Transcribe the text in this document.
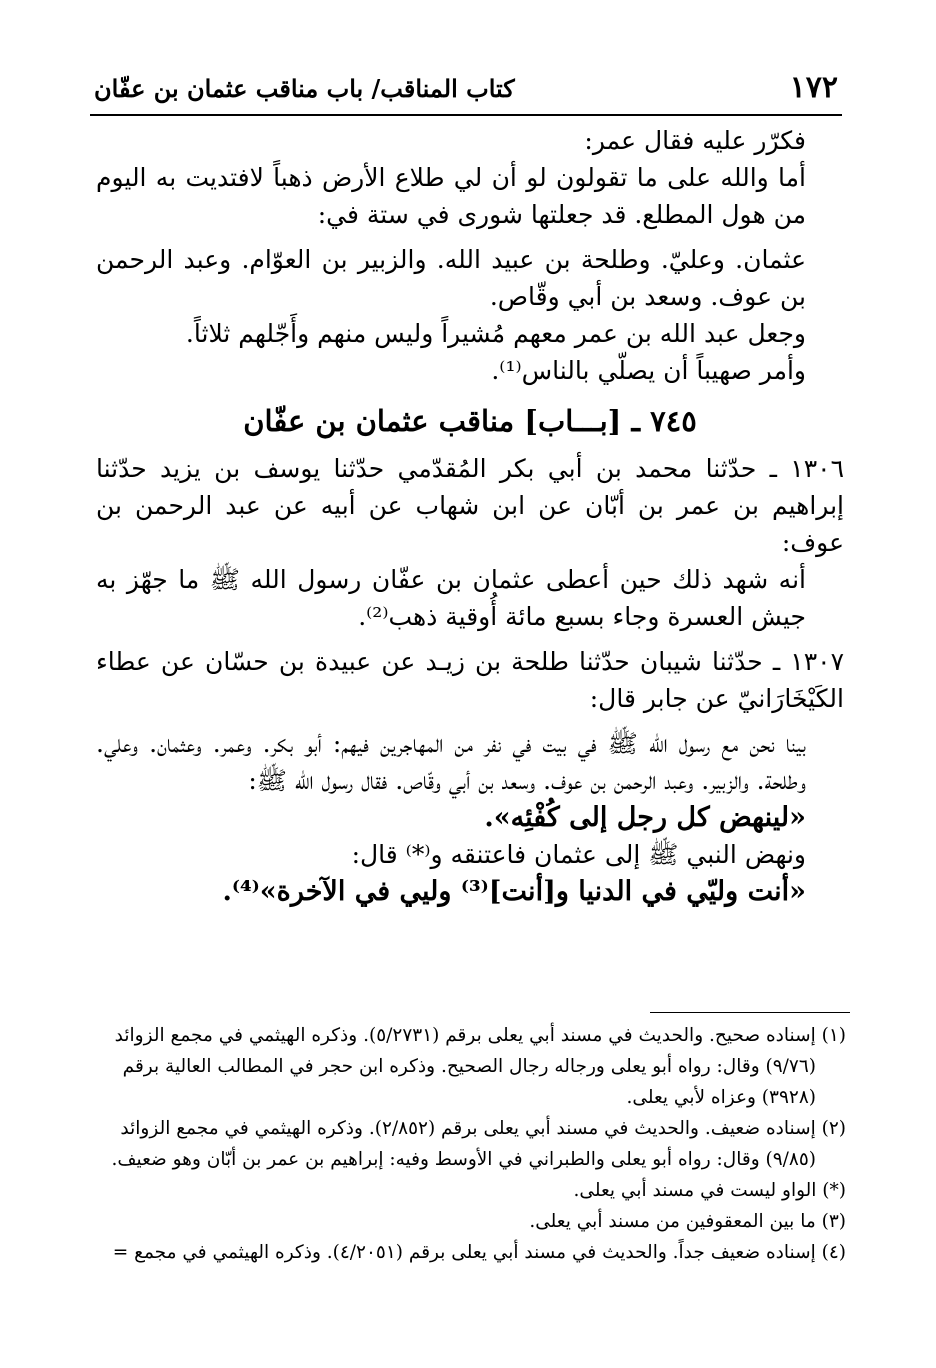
١٧٢
كتاب المناقب/ باب مناقب عثمان بن عفّان

فكرّر عليه فقال عمر:

أما والله على ما تقولون لو أن لي طلاع الأرض ذهباً لافتديت به اليوم من هول المطلع. قد جعلتها شورى في ستة في:

عثمان. وعليّ. وطلحة بن عبيد الله. والزبير بن العوّام. وعبد الرحمن بن عوف. وسعد بن أبي وقّاص.

وجعل عبد الله بن عمر معهم مُشيراً وليس منهم وأَجّلهم ثلاثاً.

وأمر صهيباً أن يصلّي بالناس⁽¹⁾.

٧٤٥ ـ [بـــاب] مناقب عثمان بن عفّان

١٣٠٦ ـ حدّثنا محمد بن أبي بكر المُقدّمي حدّثنا يوسف بن يزيد حدّثنا إبراهيم بن عمر بن أبّان عن ابن شهاب عن أبيه عن عبد الرحمن بن عوف:

أنه شهد ذلك حين أعطى عثمان بن عفّان رسول الله ﷺ ما جهّز به جيش العسرة وجاء بسبع مائة أُوقية ذهب⁽²⁾.

١٣٠٧ ـ حدّثنا شيبان حدّثنا طلحة بن زيـد عن عبيدة بن حسّان عن عطاء الكَيْخَارَانيّ عن جابر قال:

بينا نحن مع رسول الله ﷺ في بيت في نفر من المهاجرين فيهم: أبو بكر. وعمر. وعثمان. وعلي. وطلحة. والزبير. وعبد الرحمن بن عوف. وسعد بن أبي وقّاص. فقال رسول الله ﷺ:

«لينهض كل رجل إلى كُفْئِه».

ونهض النبي ﷺ إلى عثمان فاعتنقه و⁽*⁾ قال:

«أنت وليّي في الدنيا و[أنت]⁽³⁾ وليي في الآخرة»⁽⁴⁾.

(١) إسناده صحيح. والحديث في مسند أبي يعلى برقم (٥/٢٧٣١). وذكره الهيثمي في مجمع الزوائد

(٩/٧٦) وقال: رواه أبو يعلى ورجاله رجال الصحيح. وذكره ابن حجر في المطالب العالية برقم

(٣٩٢٨) وعزاه لأبي يعلى.

(٢) إسناده ضعيف. والحديث في مسند أبي يعلى برقم (٢/٨٥٢). وذكره الهيثمي في مجمع الزوائد

(٩/٨٥) وقال: رواه أبو يعلى والطبراني في الأوسط وفيه: إبراهيم بن عمر بن أبّان وهو ضعيف.

(*) الواو ليست في مسند أبي يعلى.

(٣) ما بين المعقوفين من مسند أبي يعلى.

(٤) إسناده ضعيف جداً. والحديث في مسند أبي يعلى برقم (٤/٢٠٥١). وذكره الهيثمي في مجمع =
